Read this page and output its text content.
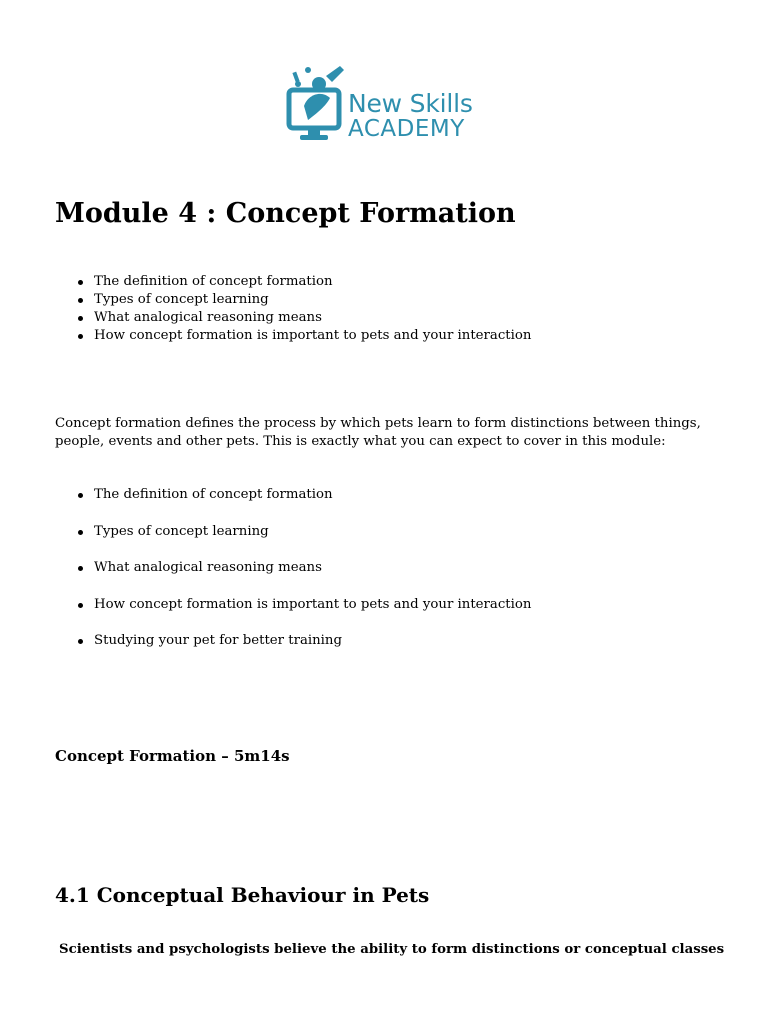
New Skills
ACADEMY
Module 4 : Concept Formation
The definition of concept formation
Types of concept learning
What analogical reasoning means
How concept formation is important to pets and your interaction

Concept formation defines the process by which pets learn to form distinctions between things, people, events and other pets. This is exactly what you can expect to cover in this module:

The definition of concept formation
Types of concept learning
What analogical reasoning means
How concept formation is important to pets and your interaction
Studying your pet for better training

Concept Formation – 5m14s

4.1 Conceptual Behaviour in Pets

Scientists and psychologists believe the ability to form distinctions or conceptual classes
